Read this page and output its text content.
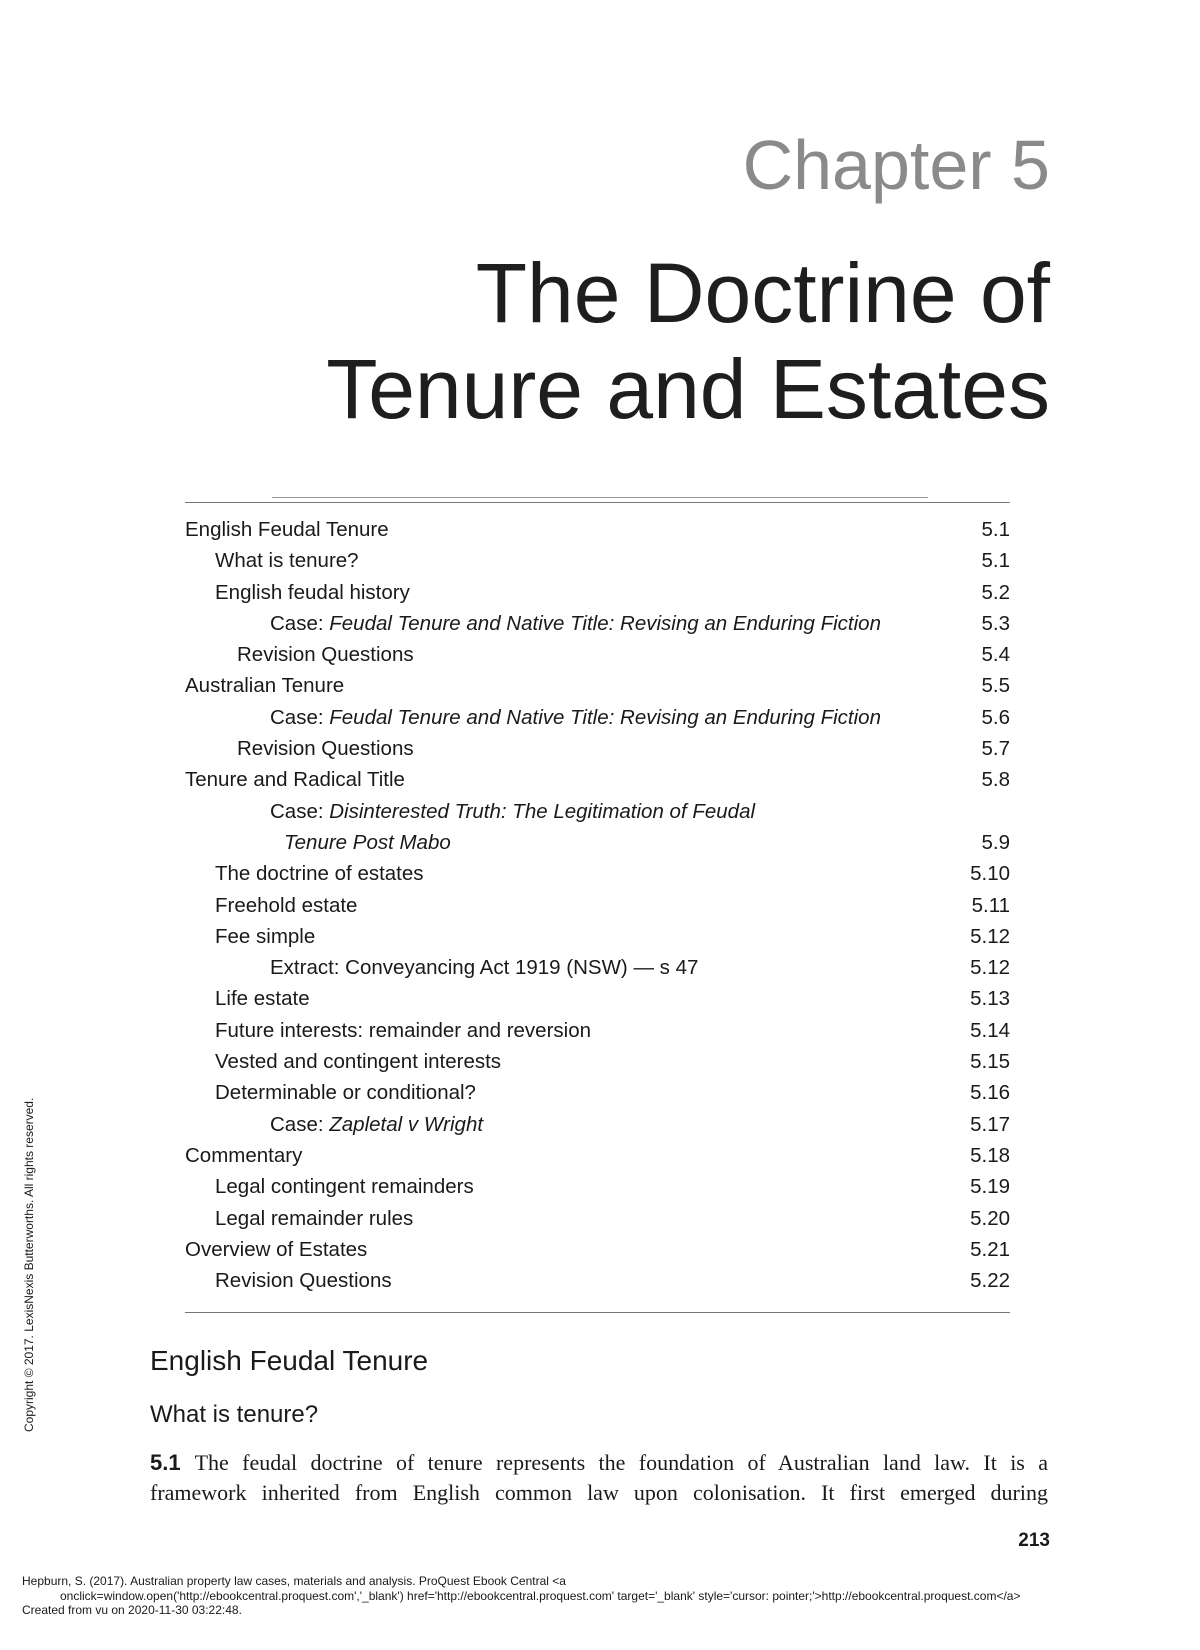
Chapter 5
The Doctrine of
Tenure and Estates
English Feudal Tenure	5.1
What is tenure?	5.1
English feudal history	5.2
Case: Feudal Tenure and Native Title: Revising an Enduring Fiction	5.3
Revision Questions	5.4
Australian Tenure	5.5
Case: Feudal Tenure and Native Title: Revising an Enduring Fiction	5.6
Revision Questions	5.7
Tenure and Radical Title	5.8
Case: Disinterested Truth: The Legitimation of Feudal
Tenure Post Mabo	5.9
The doctrine of estates	5.10
Freehold estate	5.11
Fee simple	5.12
Extract: Conveyancing Act 1919 (NSW) — s 47	5.12
Life estate	5.13
Future interests: remainder and reversion	5.14
Vested and contingent interests	5.15
Determinable or conditional?	5.16
Case: Zapletal v Wright	5.17
Commentary	5.18
Legal contingent remainders	5.19
Legal remainder rules	5.20
Overview of Estates	5.21
Revision Questions	5.22
English Feudal Tenure
What is tenure?
5.1 The feudal doctrine of tenure represents the foundation of Australian land law. It is a
framework inherited from English common law upon colonisation. It first emerged during
213
Copyright © 2017. LexisNexis Butterworths. All rights reserved.
Hepburn, S. (2017). Australian property law cases, materials and analysis. ProQuest Ebook Central <a
onclick=window.open('http://ebookcentral.proquest.com','_blank') href='http://ebookcentral.proquest.com' target='_blank' style='cursor: pointer;'>http://ebookcentral.proquest.com</a>
Created from vu on 2020-11-30 03:22:48.
